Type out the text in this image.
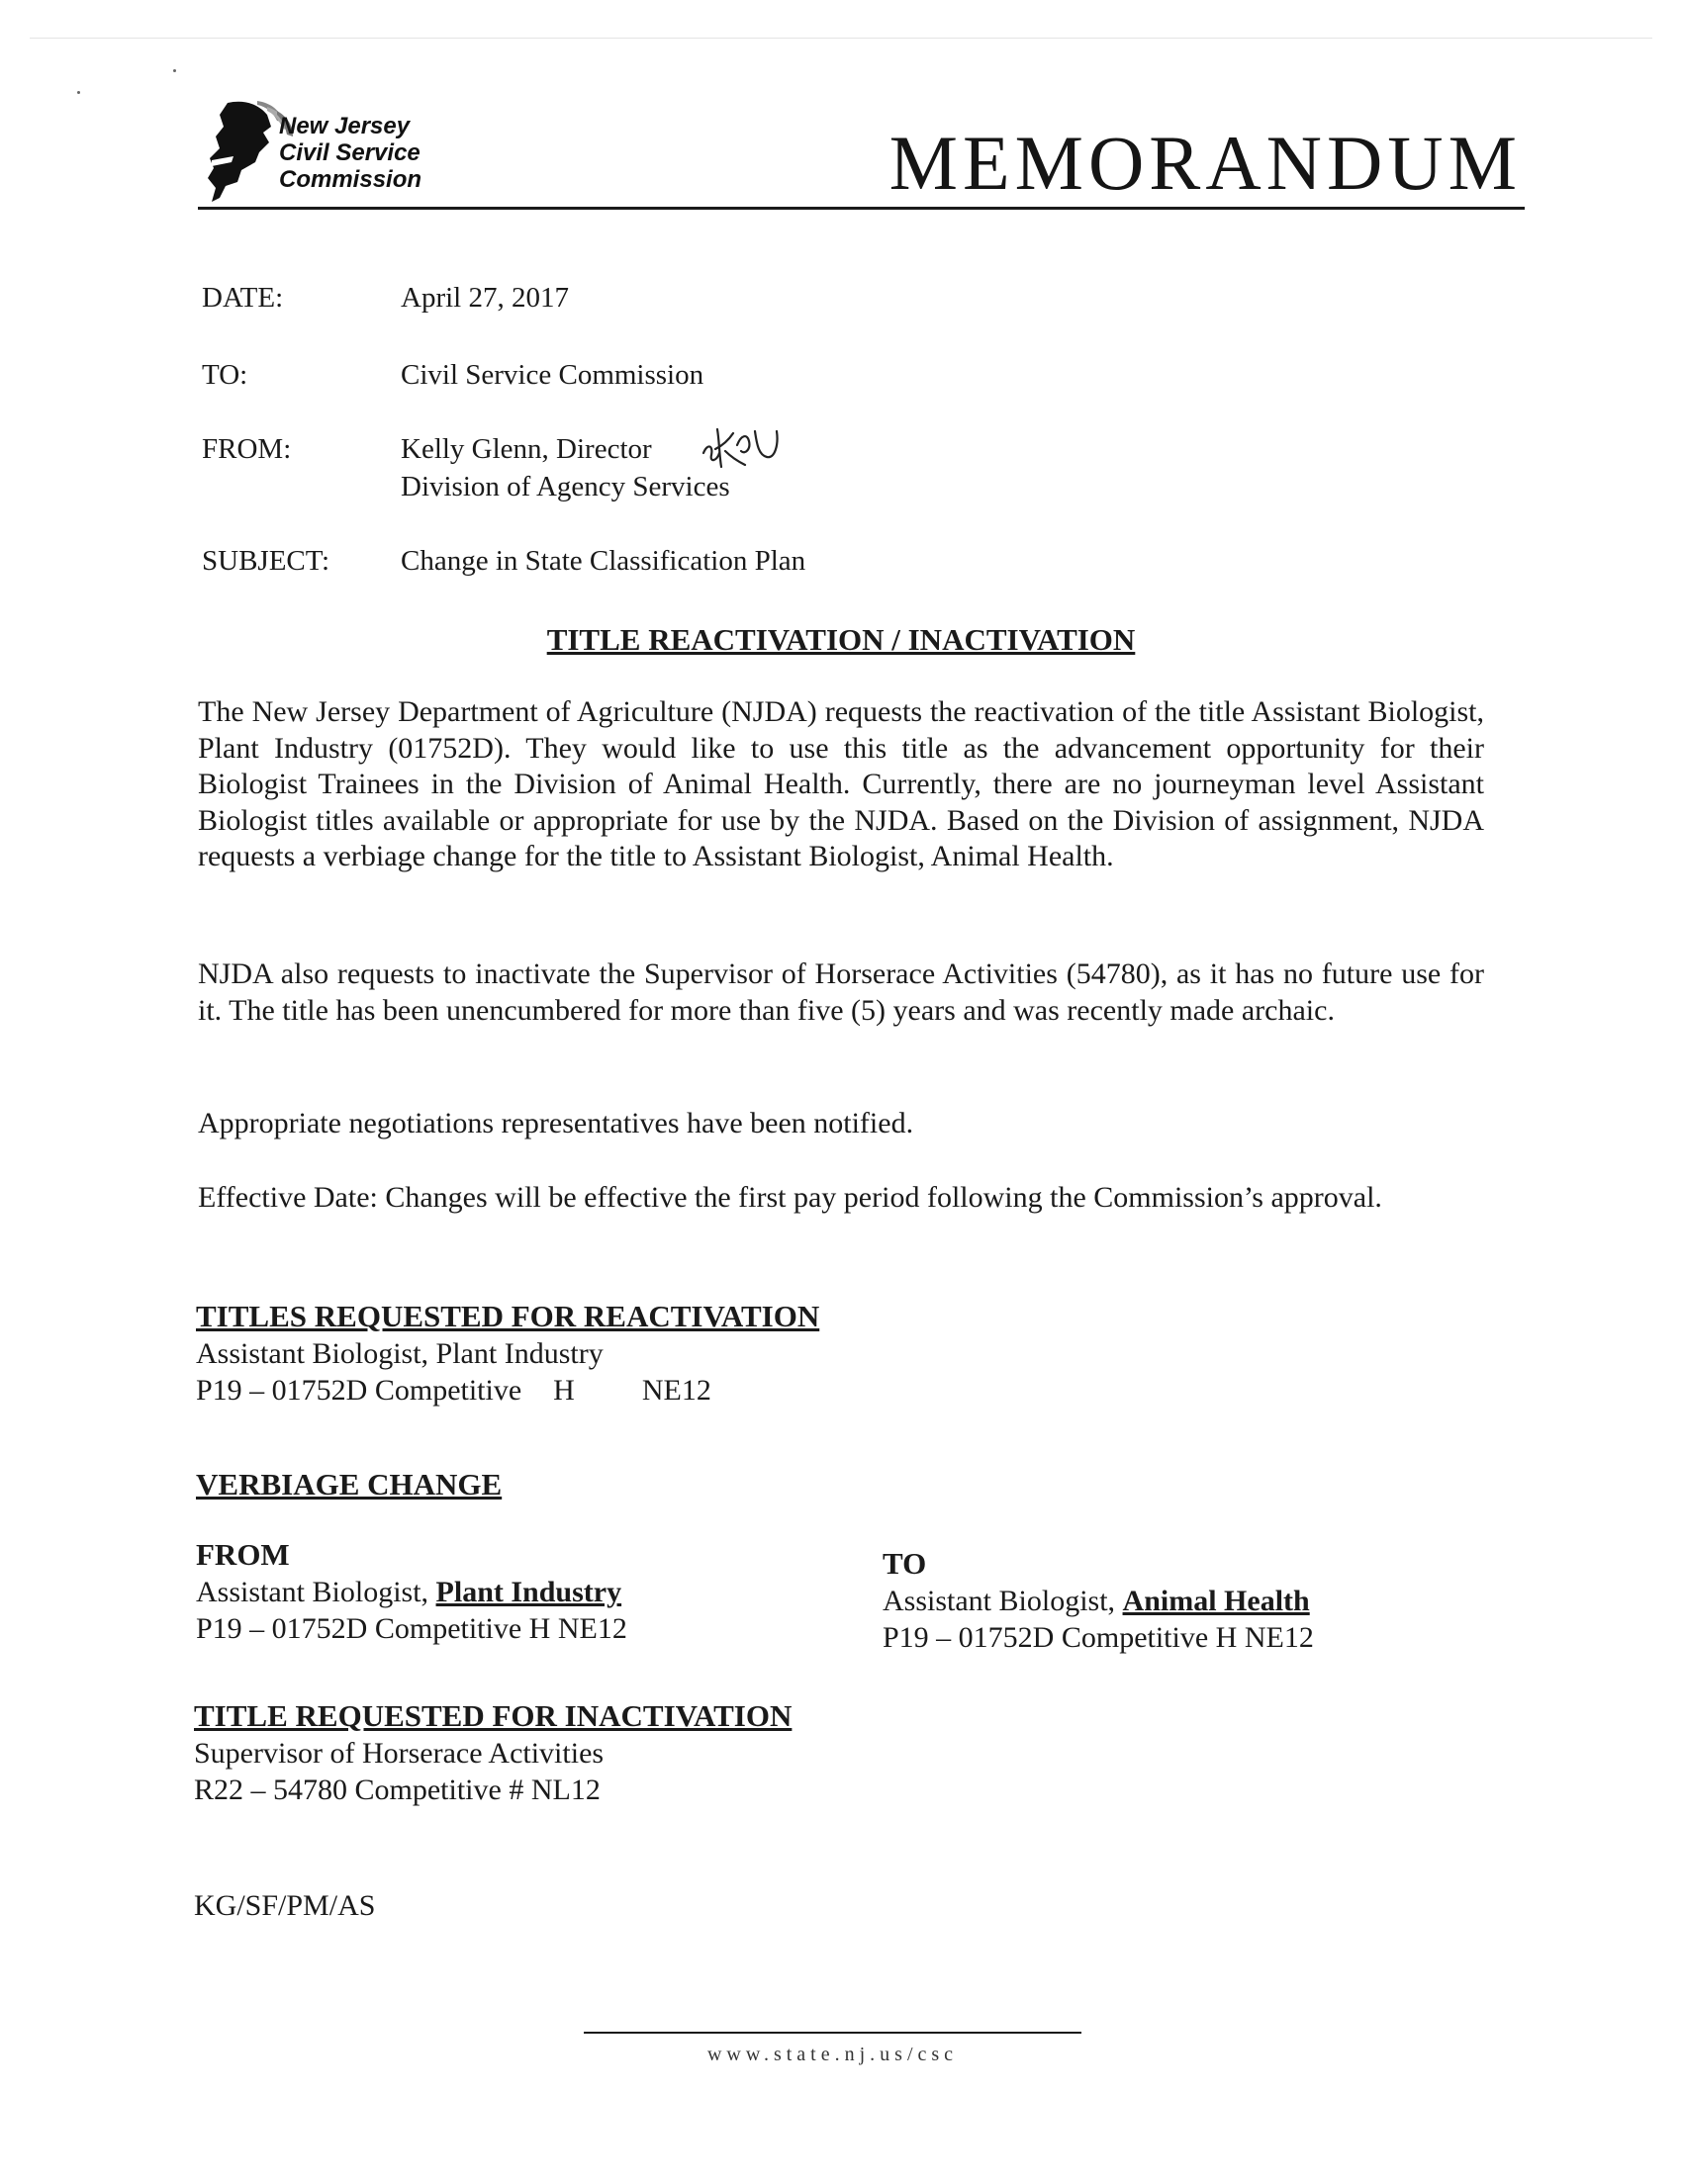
New Jersey
Civil Service
Commission	MEMORANDUM
DATE:	April 27, 2017
TO:	Civil Service Commission
FROM:	Kelly Glenn, Director
Division of Agency Services
SUBJECT: Change in State Classification Plan
TITLE REACTIVATION / INACTIVATION

The New Jersey Department of Agriculture (NJDA) requests the reactivation of the title Assistant Biologist, Plant Industry (01752D). They would like to use this title as the advancement opportunity for their Biologist Trainees in the Division of Animal Health. Currently, there are no journeyman level Assistant Biologist titles available or appropriate for use by the NJDA. Based on the Division of assignment, NJDA requests a verbiage change for the title to Assistant Biologist, Animal Health.

NJDA also requests to inactivate the Supervisor of Horserace Activities (54780), as it has no future use for it. The title has been unencumbered for more than five (5) years and was recently made archaic.

Appropriate negotiations representatives have been notified.

Effective Date: Changes will be effective the first pay period following the Commission’s approval.

TITLES REQUESTED FOR REACTIVATION
Assistant Biologist, Plant Industry
P19 – 01752D Competitive H NE12
VERBIAGE CHANGE
FROM
Assistant Biologist, Plant Industry
P19 – 01752D Competitive H NE12
TO
Assistant Biologist, Animal Health
P19 – 01752D Competitive H NE12
TITLE REQUESTED FOR INACTIVATION
Supervisor of Horserace Activities
R22 – 54780 Competitive # NL12
KG/SF/PM/AS
www.state.nj.us/csc
